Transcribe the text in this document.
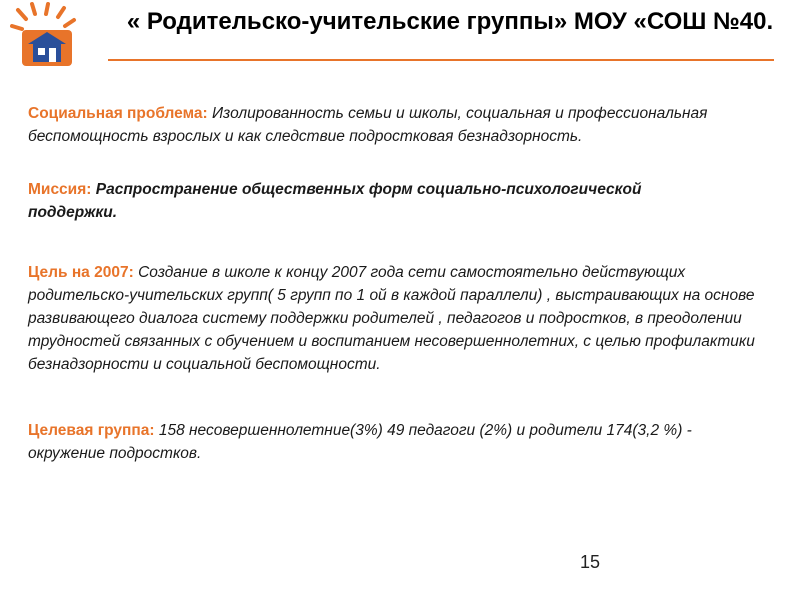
« Родительско-учительские группы» МОУ «СОШ №40.
Социальная проблема: Изолированность семьи и школы, социальная и профессиональная беспомощность взрослых и как следствие подростковая безнадзорность.
Миссия: Распространение общественных форм социально-психологической поддержки.
Цель на 2007: Создание в школе к концу 2007 года сети самостоятельно действующих родительско-учительских групп( 5 групп по 1 ой в каждой параллели) , выстраивающих на основе развивающего диалога систему поддержки родителей , педагогов и подростков, в преодолении трудностей связанных с обучением и воспитанием несовершеннолетних, с целью профилактики безнадзорности и социальной беспомощности.
Целевая группа: 158 несовершеннолетние(3%) 49 педагоги (2%) и родители 174(3,2 %) - окружение подростков.
15
